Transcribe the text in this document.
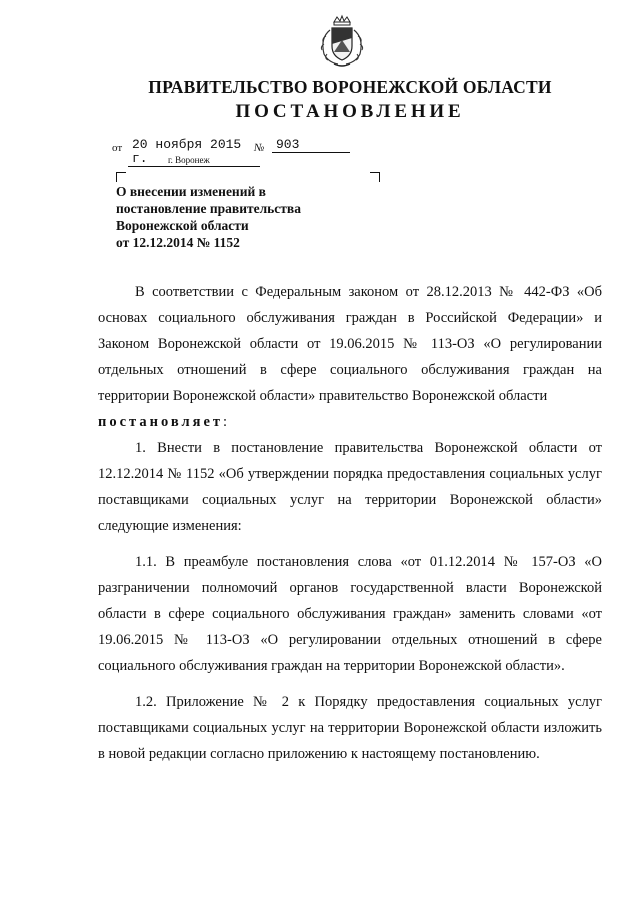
ПРАВИТЕЛЬСТВО ВОРОНЕЖСКОЙ ОБЛАСТИ
ПОСТАНОВЛЕНИЕ
от 20 ноября 2015 г.
№ 903
г. Воронеж
О внесении изменений в
постановление правительства
Воронежской области
от 12.12.2014 № 1152

В соответствии с Федеральным законом от 28.12.2013 № 442-ФЗ «Об основах социального обслуживания граждан в Российской Федерации» и Законом Воронежской области от 19.06.2015 № 113-ОЗ «О регулировании отдельных отношений в сфере социального обслуживания граждан на территории Воронежской области» правительство Воронежской области

постановляет:

1. Внести в постановление правительства Воронежской области от 12.12.2014 № 1152 «Об утверждении порядка предоставления социальных услуг поставщиками социальных услуг на территории Воронежской области» следующие изменения:

1.1. В преамбуле постановления слова «от 01.12.2014 № 157-ОЗ «О разграничении полномочий органов государственной власти Воронежской области в сфере социального обслуживания граждан» заменить словами «от 19.06.2015 № 113-ОЗ «О регулировании отдельных отношений в сфере социального обслуживания граждан на территории Воронежской области».

1.2. Приложение № 2 к Порядку предоставления социальных услуг поставщиками социальных услуг на территории Воронежской области изложить в новой редакции согласно приложению к настоящему постановлению.
